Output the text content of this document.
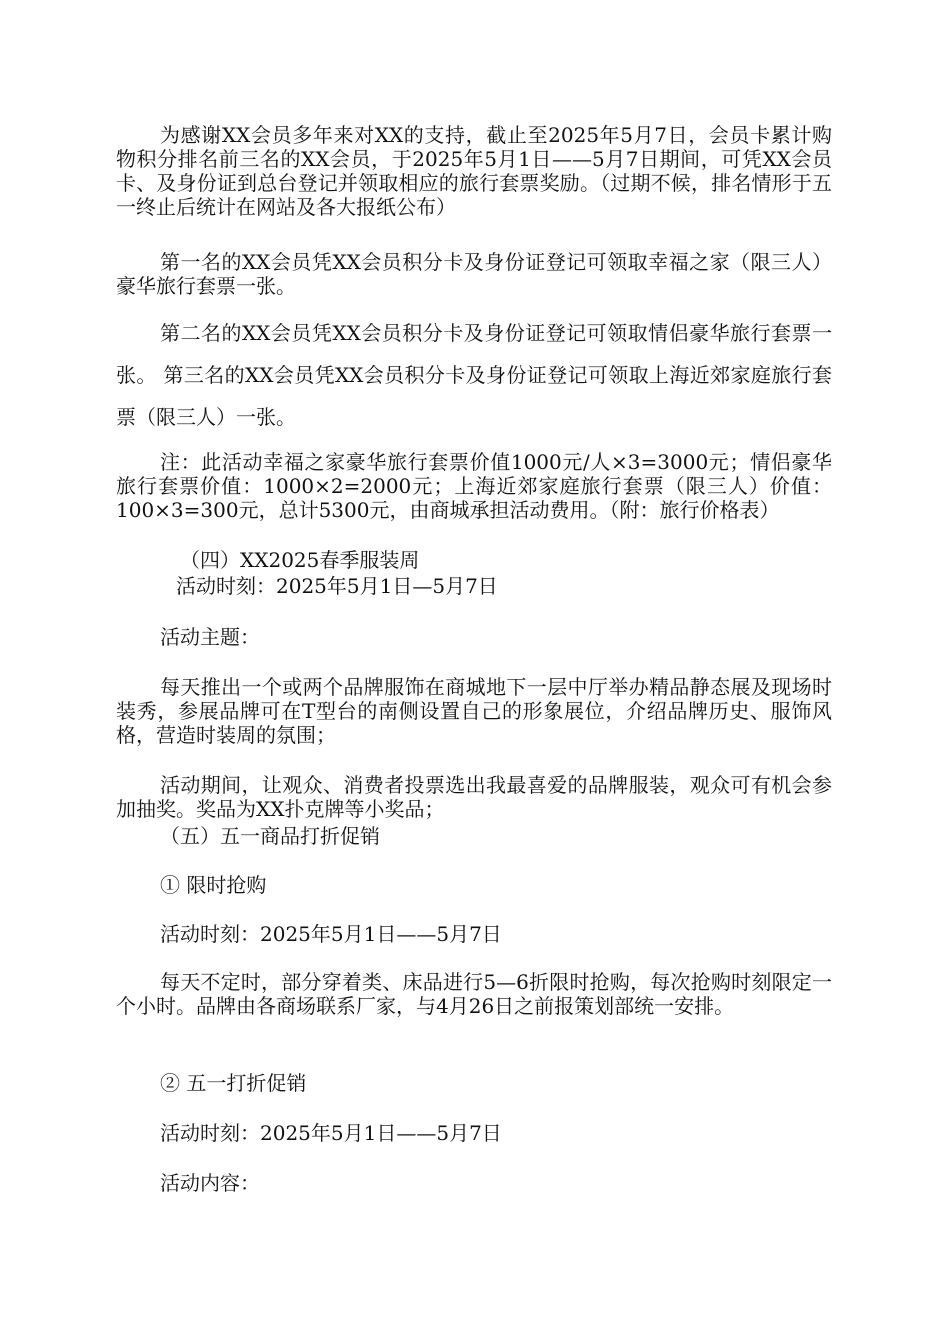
为感谢XX会员多年来对XX的支持，截止至2025年5月7日，会员卡累计购物积分排名前三名的XX会员，于2025年5月1日——5月7日期间，可凭XX会员卡、及身份证到总台登记并领取相应的旅行套票奖励。（过期不候，排名情形于五一终止后统计在网站及各大报纸公布）

第一名的XX会员凭XX会员积分卡及身份证登记可领取幸福之家（限三人）豪华旅行套票一张。

第二名的XX会员凭XX会员积分卡及身份证登记可领取情侣豪华旅行套票一张。 第三名的XX会员凭XX会员积分卡及身份证登记可领取上海近郊家庭旅行套票（限三人）一张。

注：此活动幸福之家豪华旅行套票价值1000元/人×3=3000元；情侣豪华旅行套票价值：1000×2=2000元；上海近郊家庭旅行套票（限三人）价值：100×3=300元，总计5300元，由商城承担活动费用。（附：旅行价格表）

（四）XX2025春季服装周

活动时刻：2025年5月1日—5月7日

活动主题：

每天推出一个或两个品牌服饰在商城地下一层中厅举办精品静态展及现场时装秀，参展品牌可在T型台的南侧设置自己的形象展位，介绍品牌历史、服饰风格，营造时装周的氛围；

活动期间，让观众、消费者投票选出我最喜爱的品牌服装，观众可有机会参加抽奖。奖品为XX扑克牌等小奖品；

（五）五一商品打折促销

① 限时抢购

活动时刻：2025年5月1日——5月7日

每天不定时，部分穿着类、床品进行5—6折限时抢购，每次抢购时刻限定一个小时。品牌由各商场联系厂家，与4月26日之前报策划部统一安排。

② 五一打折促销

活动时刻：2025年5月1日——5月7日

活动内容：
